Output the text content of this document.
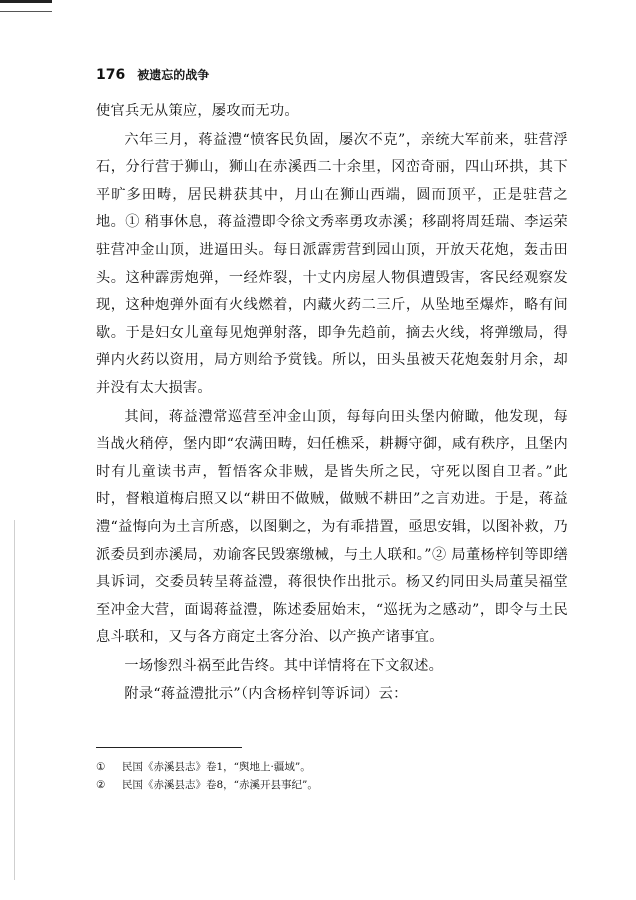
176 被遗忘的战争

使官兵无从策应，屡攻而无功。

六年三月，蒋益澧“愤客民负固，屡次不克”，亲统大军前来，驻营浮石，分行营于狮山，狮山在赤溪西二十余里，冈峦奇丽，四山环拱，其下平旷多田畴，居民耕获其中，月山在狮山西端，圆而顶平，正是驻营之地。① 稍事休息，蒋益澧即令徐文秀率勇攻赤溪；移副将周廷瑞、李运荣驻营冲金山顶，进逼田头。每日派霹雳营到园山顶，开放天花炮，轰击田头。这种霹雳炮弹，一经炸裂，十丈内房屋人物俱遭毁害，客民经观察发现，这种炮弹外面有火线燃着，内藏火药二三斤，从坠地至爆炸，略有间歇。于是妇女儿童每见炮弹射落，即争先趋前，摘去火线，将弹缴局，得弹内火药以资用，局方则给予赏钱。所以，田头虽被天花炮轰射月余，却并没有太大损害。

其间，蒋益澧常巡营至冲金山顶，每每向田头堡内俯瞰，他发现，每当战火稍停，堡内即“农满田畴，妇任樵采，耕耨守御，咸有秩序，且堡内时有儿童读书声，暂悟客众非贼，是皆失所之民，守死以图自卫者。”此时，督粮道梅启照又以“耕田不做贼，做贼不耕田”之言劝进。于是，蒋益澧“益悔向为土言所惑，以图剿之，为有乖措置，亟思安辑，以图补救，乃派委员到赤溪局，劝谕客民毁寨缴械，与土人联和。”② 局董杨梓钊等即缮具诉词，交委员转呈蒋益澧，蒋很快作出批示。杨又约同田头局董吴福堂至冲金大营，面谒蒋益澧，陈述委屈始末，“巡抚为之感动”，即令与土民息斗联和，又与各方商定土客分治、以产换产诸事宜。

一场惨烈斗祸至此告终。其中详情将在下文叙述。

附录“蒋益澧批示”（内含杨梓钊等诉词）云：

①	民国《赤溪县志》卷1，“舆地上·疆域”。
②	民国《赤溪县志》卷8，“赤溪开县事纪”。
